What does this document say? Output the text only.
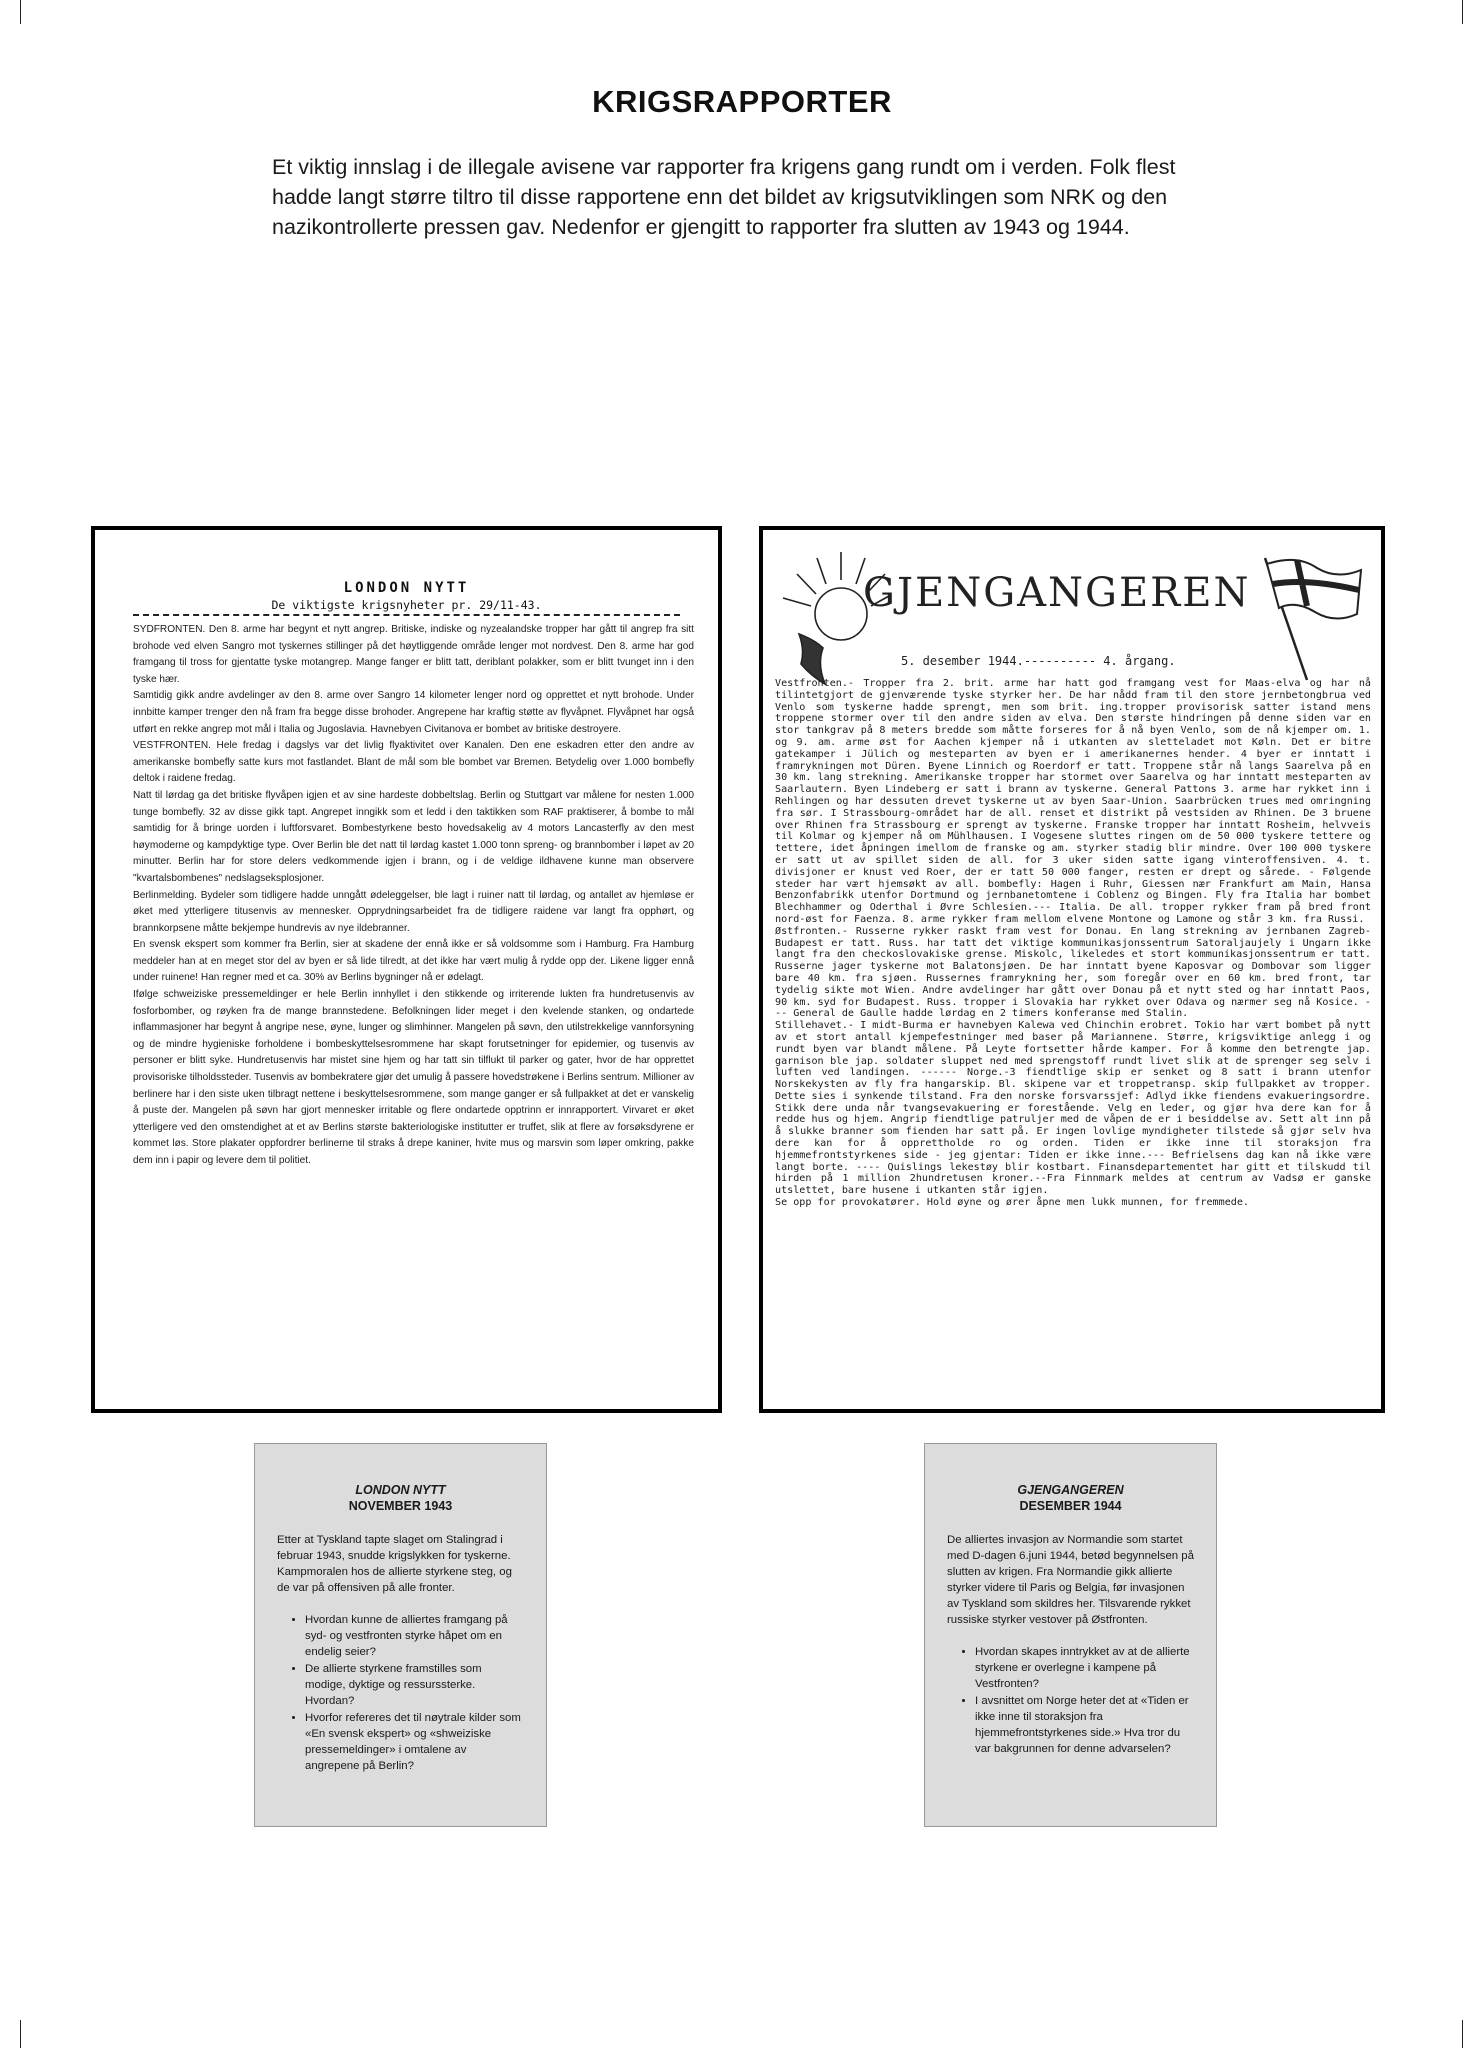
KRIGSRAPPORTER

Et viktig innslag i de illegale avisene var rapporter fra krigens gang rundt om i verden. Folk flest hadde langt større tiltro til disse rapportene enn det bildet av krigsutviklingen som NRK og den nazikontrollerte pressen gav. Nedenfor er gjengitt to rapporter fra slutten av 1943 og 1944.

LONDON NYTT
De viktigste krigsnyheter pr. 29/11-43.
SYDFRONTEN. Den 8. arme har begynt et nytt angrep. Britiske, indiske og nyzealandske tropper har gått til angrep fra sitt brohode ved elven Sangro mot tyskernes stillinger på det høytliggende område lenger mot nordvest. Den 8. arme har god framgang til tross for gjentatte tyske motangrep. Mange fanger er blitt tatt, deriblant polakker, som er blitt tvunget inn i den tyske hær.
Samtidig gikk andre avdelinger av den 8. arme over Sangro 14 kilometer lenger nord og opprettet et nytt brohode. Under innbitte kamper trenger den nå fram fra begge disse brohoder. Angrepene har kraftig støtte av flyvåpnet. Flyvåpnet har også utført en rekke angrep mot mål i Italia og Jugoslavia. Havnebyen Civitanova er bombet av britiske destroyere.
VESTFRONTEN. Hele fredag i dagslys var det livlig flyaktivitet over Kanalen. Den ene eskadren etter den andre av amerikanske bombefly satte kurs mot fastlandet. Blant de mål som ble bombet var Bremen. Betydelig over 1.000 bombefly deltok i raidene fredag.
Natt til lørdag ga det britiske flyvåpen igjen et av sine hardeste dobbeltslag. Berlin og Stuttgart var målene for nesten 1.000 tunge bombefly. 32 av disse gikk tapt. Angrepet inngikk som et ledd i den taktikken som RAF praktiserer, å bombe to mål samtidig for å bringe uorden i luftforsvaret. Bombestyrkene besto hovedsakelig av 4 motors Lancasterfly av den mest høymoderne og kampdyktige type. Over Berlin ble det natt til lørdag kastet 1.000 tonn spreng- og brannbomber i løpet av 20 minutter. Berlin har for store delers vedkommende igjen i brann, og i de veldige ildhavene kunne man observere "kvartalsbombenes" nedslagseksplosjoner.
Berlinmelding. Bydeler som tidligere hadde unngått ødeleggelser, ble lagt i ruiner natt til lørdag, og antallet av hjemløse er øket med ytterligere titusenvis av mennesker. Opprydningsarbeidet fra de tidligere raidene var langt fra opphørt, og brannkorpsene måtte bekjempe hundrevis av nye ildebranner.
En svensk ekspert som kommer fra Berlin, sier at skadene der ennå ikke er så voldsomme som i Hamburg. Fra Hamburg meddeler han at en meget stor del av byen er så lide tilredt, at det ikke har vært mulig å rydde opp der. Likene ligger ennå under ruinene! Han regner med et ca. 30% av Berlins bygninger nå er ødelagt.
Ifølge schweiziske pressemeldinger er hele Berlin innhyllet i den stikkende og irriterende lukten fra hundretusenvis av fosforbomber, og røyken fra de mange brannstedene. Befolkningen lider meget i den kvelende stanken, og ondartede inflammasjoner har begynt å angripe nese, øyne, lunger og slimhinner. Mangelen på søvn, den utilstrekkelige vannforsyning og de mindre hygieniske forholdene i bombeskyttelsesrommene har skapt forutsetninger for epidemier, og tusenvis av personer er blitt syke. Hundretusenvis har mistet sine hjem og har tatt sin tilflukt til parker og gater, hvor de har opprettet provisoriske tilholdssteder. Tusenvis av bombekratere gjør det umulig å passere hovedstrøkene i Berlins sentrum. Millioner av berlinere har i den siste uken tilbragt nettene i beskyttelsesrommene, som mange ganger er så fullpakket at det er vanskelig å puste der. Mangelen på søvn har gjort mennesker irritable og flere ondartede opptrinn er innrapportert. Virvaret er øket ytterligere ved den omstendighet at et av Berlins største bakteriologiske institutter er truffet, slik at flere av forsøksdyrene er kommet løs. Store plakater oppfordrer berlinerne til straks å drepe kaniner, hvite mus og marsvin som løper omkring, pakke dem inn i papir og levere dem til politiet.
GJENGANGEREN
5. desember 1944.---------- 4. årgang.
Vestfronten.- Tropper fra 2. brit. arme har hatt god framgang vest for Maas-elva og har nå tilintetgjort de gjenværende tyske styrker her. De har nådd fram til den store jernbetongbrua ved Venlo som tyskerne hadde sprengt, men som brit. ing.tropper provisorisk satter istand mens troppene stormer over til den andre siden av elva. Den største hindringen på denne siden var en stor tankgrav på 8 meters bredde som måtte forseres for å nå byen Venlo, som de nå kjemper om. 1. og 9. am. arme øst for Aachen kjemper nå i utkanten av sletteladet mot Køln. Det er bitre gatekamper i Jülich og mesteparten av byen er i amerikanernes hender. 4 byer er inntatt i framrykningen mot Düren. Byene Linnich og Roerdorf er tatt. Troppene står nå langs Saarelva på en 30 km. lang strekning. Amerikanske tropper har stormet over Saarelva og har inntatt mesteparten av Saarlautern. Byen Lindeberg er satt i brann av tyskerne. General Pattons 3. arme har rykket inn i Rehlingen og har dessuten drevet tyskerne ut av byen Saar-Union. Saarbrücken trues med omringning fra sør. I Strassbourg-området har de all. renset et distrikt på vestsiden av Rhinen. De 3 bruene over Rhinen fra Strassbourg er sprengt av tyskerne. Franske tropper har inntatt Rosheim, helvveis til Kolmar og kjemper nå om Mühlhausen. I Vogesene sluttes ringen om de 50 000 tyskere tettere og tettere, idet åpningen imellom de franske og am. styrker stadig blir mindre. Over 100 000 tyskere er satt ut av spillet siden de all. for 3 uker siden satte igang vinteroffensiven. 4. t. divisjoner er knust ved Roer, der er tatt 50 000 fanger, resten er drept og sårede. - Følgende steder har vært hjemsøkt av all. bombefly: Hagen i Ruhr, Giessen nær Frankfurt am Main, Hansa Benzonfabrikk utenfor Dortmund og jernbanetomtene i Coblenz og Bingen. Fly fra Italia har bombet Blechhammer og Oderthal i Øvre Schlesien.--- Italia. De all. tropper rykker fram på bred front nord-øst for Faenza. 8. arme rykker fram mellom elvene Montone og Lamone og står 3 km. fra Russi.
Østfronten.- Russerne rykker raskt fram vest for Donau. En lang strekning av jernbanen Zagreb-Budapest er tatt. Russ. har tatt det viktige kommunikasjonssentrum Satoraljaujely i Ungarn ikke langt fra den checkoslovakiske grense. Miskolc, likeledes et stort kommunikasjonssentrum er tatt. Russerne jager tyskerne mot Balatonsjøen. De har inntatt byene Kaposvar og Dombovar som ligger bare 40 km. fra sjøen. Russernes framrykning her, som foregår over en 60 km. bred front, tar tydelig sikte mot Wien. Andre avdelinger har gått over Donau på et nytt sted og har inntatt Paos, 90 km. syd for Budapest. Russ. tropper i Slovakia har rykket over Odava og nærmer seg nå Kosice. --- General de Gaulle hadde lørdag en 2 timers konferanse med Stalin.
Stillehavet.- I midt-Burma er havnebyen Kalewa ved Chinchin erobret. Tokio har vært bombet på nytt av et stort antall kjempefestninger med baser på Mariannene. Større, krigsviktige anlegg i og rundt byen var blandt målene. På Leyte fortsetter hårde kamper. For å komme den betrengte jap. garnison ble jap. soldater sluppet ned med sprengstoff rundt livet slik at de sprenger seg selv i luften ved landingen. ------ Norge.-3 fiendtlige skip er senket og 8 satt i brann utenfor Norskekysten av fly fra hangarskip. Bl. skipene var et troppetransp. skip fullpakket av tropper. Dette sies i synkende tilstand. Fra den norske forsvarssjef: Adlyd ikke fiendens evakueringsordre. Stikk dere unda når tvangsevakuering er forestående. Velg en leder, og gjør hva dere kan for å redde hus og hjem. Angrip fiendtlige patruljer med de våpen de er i besiddelse av. Sett alt inn på å slukke branner som fienden har satt på. Er ingen lovlige myndigheter tilstede så gjør selv hva dere kan for å opprettholde ro og orden. Tiden er ikke inne til storaksjon fra hjemmefrontstyrkenes side - jeg gjentar: Tiden er ikke inne.--- Befrielsens dag kan nå ikke være langt borte. ---- Quislings lekestøy blir kostbart. Finansdepartementet har gitt et tilskudd til hirden på 1 million 2hundretusen kroner.--Fra Finnmark meldes at centrum av Vadsø er ganske utslettet, bare husene i utkanten står igjen.
Se opp for provokatører. Hold øyne og ører åpne men lukk munnen, for fremmede.

LONDON NYTT

NOVEMBER 1943

Etter at Tyskland tapte slaget om Stalingrad i februar 1943, snudde krigslykken for tyskerne. Kampmoralen hos de allierte styrkene steg, og de var på offensiven på alle fronter.

• Hvordan kunne de alliertes framgang på syd- og vestfronten styrke håpet om en endelig seier?
• De allierte styrkene framstilles som modige, dyktige og ressurssterke. Hvordan?
• Hvorfor refereres det til nøytrale kilder som «En svensk ekspert» og «shweiziske pressemeldinger» i omtalene av angrepene på Berlin?

GJENGANGEREN

DESEMBER 1944

De alliertes invasjon av Normandie som startet med D-dagen 6.juni 1944, betød begynnelsen på slutten av krigen. Fra Normandie gikk allierte styrker videre til Paris og Belgia, før invasjonen av Tyskland som skildres her. Tilsvarende rykket russiske styrker vestover på Østfronten.

• Hvordan skapes inntrykket av at de allierte styrkene er overlegne i kampene på Vestfronten?
• I avsnittet om Norge heter det at «Tiden er ikke inne til storaksjon fra hjemmefrontstyrkenes side.» Hva tror du var bakgrunnen for denne advarselen?
